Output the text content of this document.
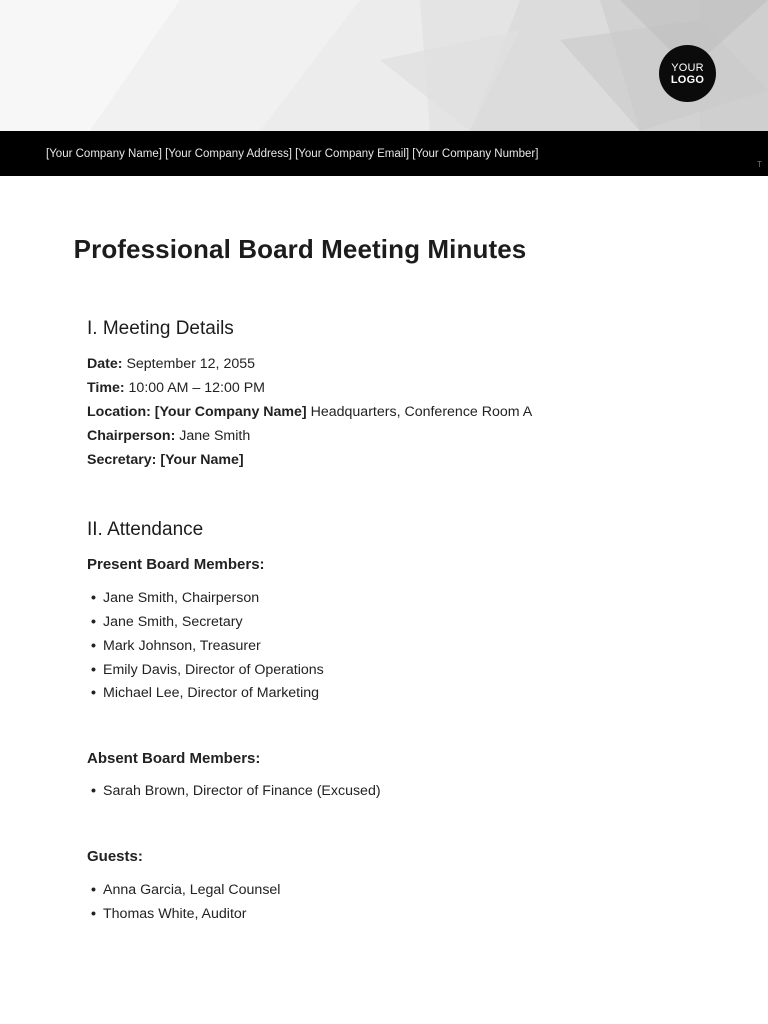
YOUR
LOGO
[Your Company Name] [Your Company Address] [Your Company Email] [Your Company Number]
T
Professional Board Meeting Minutes
I. Meeting Details
Date: September 12, 2055
Time: 10:00 AM – 12:00 PM
Location: [Your Company Name] Headquarters, Conference Room A
Chairperson: Jane Smith
Secretary: [Your Name]
II. Attendance
Present Board Members:
• Jane Smith, Chairperson
• Jane Smith, Secretary
• Mark Johnson, Treasurer
• Emily Davis, Director of Operations
• Michael Lee, Director of Marketing
Absent Board Members:
• Sarah Brown, Director of Finance (Excused)
Guests:
• Anna Garcia, Legal Counsel
• Thomas White, Auditor
